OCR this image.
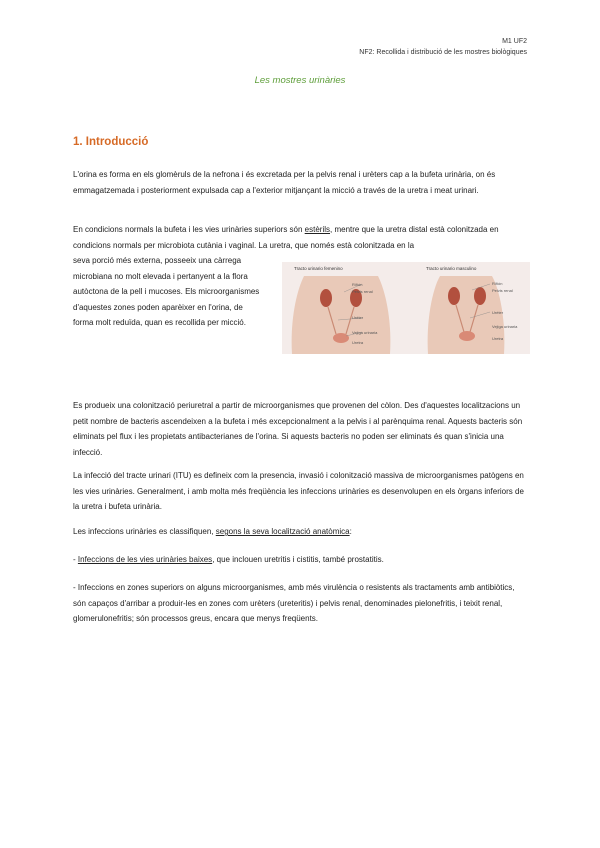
M1 UF2
NF2: Recollida i distribució de les mostres biològiques
Les mostres urinàries
1. Introducció
L'orina es forma en els glomèruls de la nefrona i és excretada per la pelvis renal i urèters cap a la bufeta urinària, on és emmagatzemada i posteriorment expulsada cap a l'exterior mitjançant la micció a través de la uretra i meat urinari.
En condicions normals la bufeta i les vies urinàries superiors són estèrils, mentre que la uretra distal està colonitzada en condicions normals per microbiota cutània i vaginal. La uretra, que només està colonitzada en la
seva porció més externa, posseeix una càrrega microbiana no molt elevada i pertanyent a la flora autòctona de la pell i mucoses. Els microorganismes d'aquestes zones poden aparèixer en l'orina, de forma molt reduïda, quan es recollida per micció.
Tracto urinario femenino	Tracto urinario masculino
Riñón
Pelvis renal
Uréter
Vejiga urinaria
Uretra
Riñón
Pelvis renal
Uréter
Vejiga urinaria
Uretra
Es produeix una colonització periuretral a partir de microorganismes que provenen del còlon. Des d'aquestes localitzacions un petit nombre de bacteris ascendeixen a la bufeta i més excepcionalment a la pelvis i al parènquima renal. Aquests bacteris són eliminats pel flux i les propietats antibacterianes de l'orina. Si aquests bacteris no poden ser eliminats és quan s'inicia una infecció.
La infecció del tracte urinari (ITU) es defineix com la presencia, invasió i colonització massiva de microorganismes patògens en les vies urinàries. Generalment, i amb molta més freqüència les infeccions urinàries es desenvolupen en els òrgans inferiors de la uretra i bufeta urinària.
Les infeccions urinàries es classifiquen, segons la seva localització anatòmica:
- Infeccions de les vies urinàries baixes, que inclouen uretritis i cistitis, també prostatitis.
- Infeccions en zones superiors on alguns microorganismes, amb més virulència o resistents als tractaments amb antibiòtics, són capaços d'arribar a produir-les en zones com urèters (ureteritis) i pelvis renal, denominades pielonefritis, i teixit renal, glomerulonefritis; són processos greus, encara que menys freqüents.
